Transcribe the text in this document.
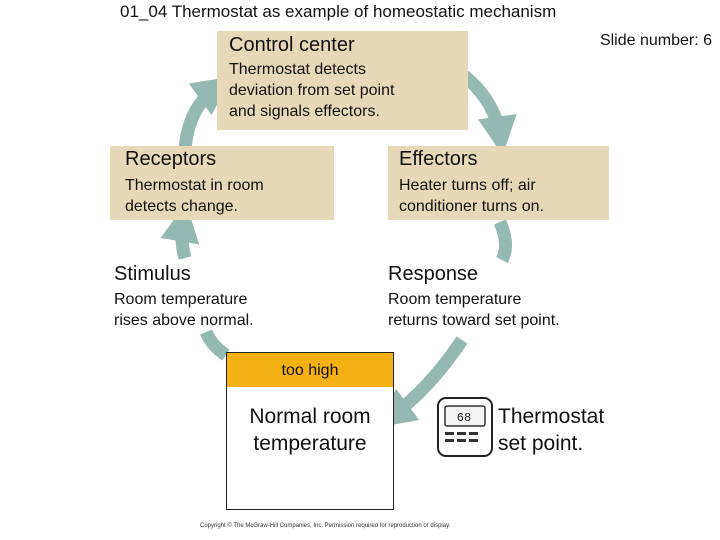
01_04 Thermostat as example of homeostatic mechanism
Slide number: 6
Control center
Thermostat detects
deviation from set point
and signals effectors.
Receptors
Thermostat in room
detects change.
Effectors
Heater turns off; air
conditioner turns on.
Stimulus
Room temperature
rises above normal.
Response
Room temperature
returns toward set point.
too high
Normal room
temperature
68 Thermostat
set point.
Copyright © The McGraw-Hill Companies, Inc. Permission required for reproduction or display.
